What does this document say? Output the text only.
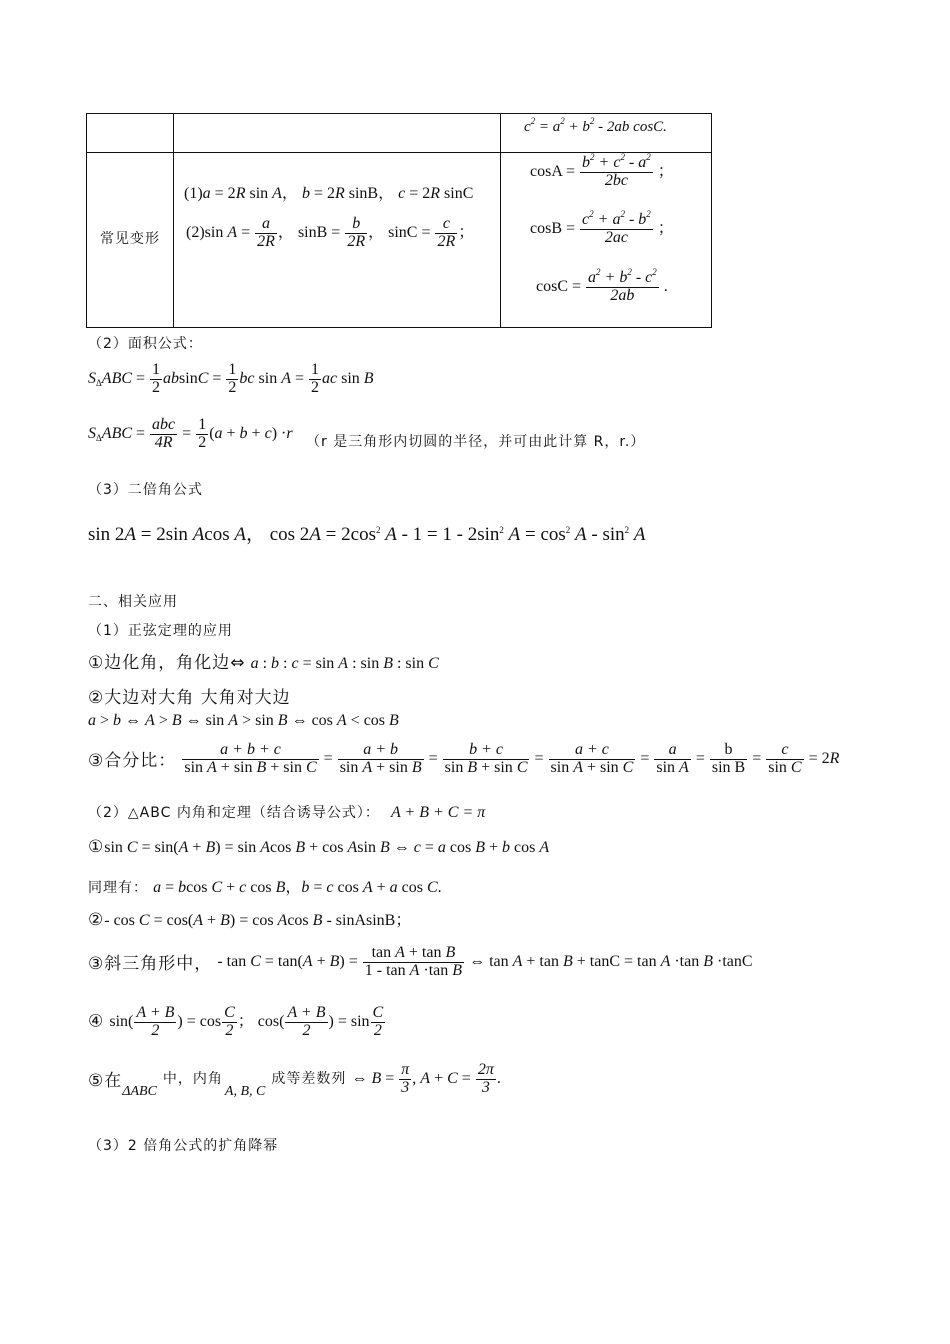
$c^2 = a^2 + b^2 - 2ab$ cosC.
常见变形
(1)a = 2R sin A， b = 2R sinB， c = 2R sinC
(2)sin $A = \frac{a}{2R}$ ， $\sin B = \frac{b}{2R}$ ， $\sin C = \frac{c}{2R}$ ；
$\cos A = \frac{b^2 + c^2 - a^2}{2bc}$ ；
$\cos B = \frac{c^2 + a^2 - b^2}{2ac}$ ；
$\cos C = \frac{a^2 + b^2 - c^2}{2ab}$ .
（2）面积公式：
$S_\Delta ABC = \frac{1}{2}$ $absinC = \frac{1}{2}$ bc $\sin A = \frac{1}{2}$ ac sin B
$S_\Delta ABC = \frac{\text{abc}}{4R} = \frac{1}{2} (a + b + c) \cdot r$
（r 是三角形内切圆的半径，并可由此计算 R，r.）
（3）二倍角公式
sin 2A = 2sin Acos A， $\cos 2A = 2\cos^2$ $A - 1 = 1 - 2\sin^2$ $A = \cos^2 A - \sin^2 A$
二、相关应用
（1）正弦定理的应用
①边化角，角化边⇔ a : b : c = sin A : sin B : sin C
②大边对大角 大角对大边
a > b ⇔ A > B ⇔ sin A > sin B ⇔ cos A < cos B
③合分比： $\frac{a + b + c}{\text{sin A + sin B + sin C}} = \frac{a + b}{\text{sin A + sin B}} = \frac{b + c}{\text{sin B + sin C}} = \frac{a + c}{\text{sin A + sin C}} = \frac{a}{\text{sin A}} = \frac{b}{\text{sin B}} = \frac{c}{\text{sin C}} = 2R$
（2）△ABC 内角和定理（结合诱导公式）： A + B + C = π
①sin C = sin(A + B) = sin Acos B + cos Asin B ⇔ c = a cos B + b cos A
同理有： a = bcos C + c cos B，b = c cos A + a cos C.
②- cos C = cos(A + B) = cos Acos B - sinAsinB；
③斜三角形中， - $\tan C = \tan(A + B) = \frac{\text{tan A + tan B}}{\text{1 - tan A ·tan B}}$ ⇔ tan A + tan B + tanC = tan A ·tan B ·tanC
④ $\sin( \frac{A + B}{2}$ ) = $\cos \frac{C}{2}$ ； $\cos( \frac{A + B}{2}$ ) = $\sin \frac{C}{2}$
⑤在ΔABC中，内角A, B, C成等差数列 ⇔ $B = \frac{\pi}{3}$ , $A + C = \frac{2\pi}{3}$ .
（3）2 倍角公式的扩角降幂
